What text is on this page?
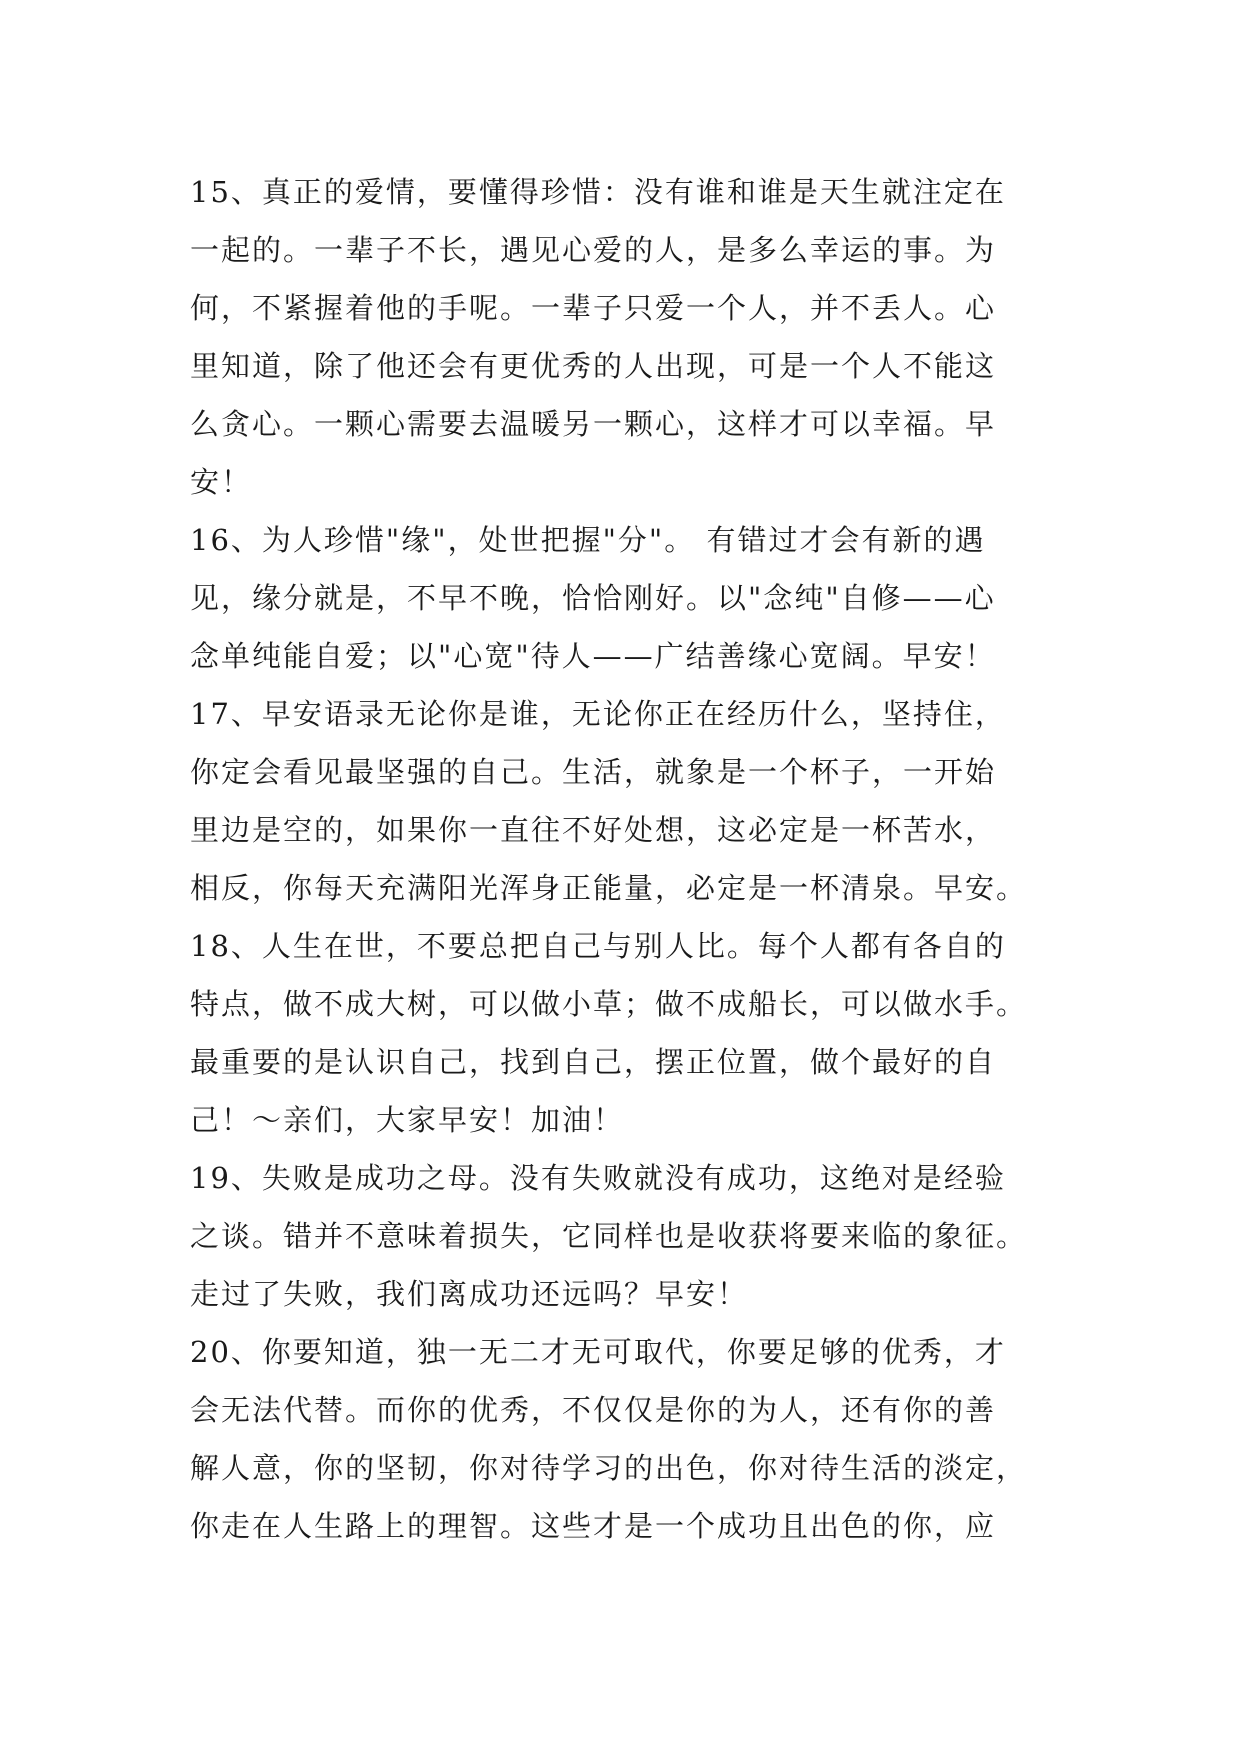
15、真正的爱情，要懂得珍惜：没有谁和谁是天生就注定在
一起的。一辈子不长，遇见心爱的人，是多么幸运的事。为
何，不紧握着他的手呢。一辈子只爱一个人，并不丢人。心
里知道，除了他还会有更优秀的人出现，可是一个人不能这
么贪心。一颗心需要去温暖另一颗心，这样才可以幸福。早
安！
16、为人珍惜"缘"，处世把握"分"。 有错过才会有新的遇
见，缘分就是，不早不晚，恰恰刚好。以"念纯"自修——心
念单纯能自爱；以"心宽"待人——广结善缘心宽阔。早安！
17、早安语录无论你是谁，无论你正在经历什么，坚持住，
你定会看见最坚强的自己。生活，就象是一个杯子，一开始
里边是空的，如果你一直往不好处想，这必定是一杯苦水，
相反，你每天充满阳光浑身正能量，必定是一杯清泉。早安。
18、人生在世，不要总把自己与别人比。每个人都有各自的
特点，做不成大树，可以做小草；做不成船长，可以做水手。
最重要的是认识自己，找到自己，摆正位置，做个最好的自
己！～亲们，大家早安！加油！
19、失败是成功之母。没有失败就没有成功，这绝对是经验
之谈。错并不意味着损失，它同样也是收获将要来临的象征。
走过了失败，我们离成功还远吗？早安！
20、你要知道，独一无二才无可取代，你要足够的优秀，才
会无法代替。而你的优秀，不仅仅是你的为人，还有你的善
解人意，你的坚韧，你对待学习的出色，你对待生活的淡定，
你走在人生路上的理智。这些才是一个成功且出色的你，应
